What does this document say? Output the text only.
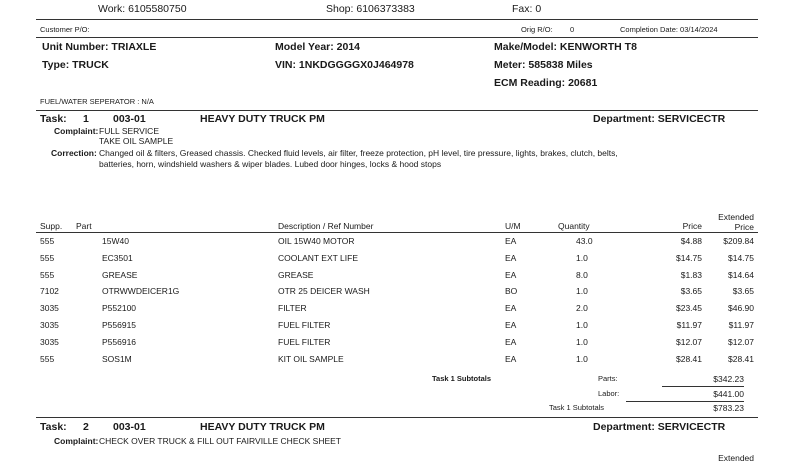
Work: 6105580750	Shop: 6106373383	Fax: 0
Customer P/O:	Orig R/O: 0	Completion Date: 03/14/2024
Unit Number: TRIAXLE
Type: TRUCK
Model Year: 2014
VIN: 1NKDGGGGX0J464978
Make/Model: KENWORTH T8
Meter: 585838 Miles
ECM Reading: 20681
FUEL/WATER SEPERATOR : N/A
Task: 1 003-01	HEAVY DUTY TRUCK PM	Department: SERVICECTR
Complaint: FULL SERVICE
TAKE OIL SAMPLE
Correction: Changed oil & filters, Greased chassis. Checked fluid levels, air filter, freeze protection, pH level, tire pressure, lights, brakes, clutch, belts,
batteries, horn, windshield washers & wiper blades. Lubed door hinges, locks & hood stops
Supp. Part	Description / Ref Number	U/M	Quantity	Price
Extended
Price
555	15W40	OIL 15W40 MOTOR	EA	43.0	$4.88	$209.84
555	EC3501	COOLANT EXT LIFE	EA	1.0	$14.75	$14.75
555	GREASE	GREASE	EA	8.0	$1.83	$14.64
7102	OTRWWDEICER1G	OTR 25 DEICER WASH	BO	1.0	$3.65	$3.65
3035	P552100	FILTER	EA	2.0	$23.45	$46.90
3035	P556915	FUEL FILTER	EA	1.0	$11.97	$11.97
3035	P556916	FUEL FILTER	EA	1.0	$12.07	$12.07
555	SOS1M	KIT OIL SAMPLE	EA	1.0	$28.41	$28.41
Task 1 Subtotals	Parts:	$342.23
Labor:	$441.00
Task 1 Subtotals	$783.23
Task: 2 003-01	HEAVY DUTY TRUCK PM	Department: SERVICECTR
Complaint: CHECK OVER TRUCK & FILL OUT FAIRVILLE CHECK SHEET
Extended
